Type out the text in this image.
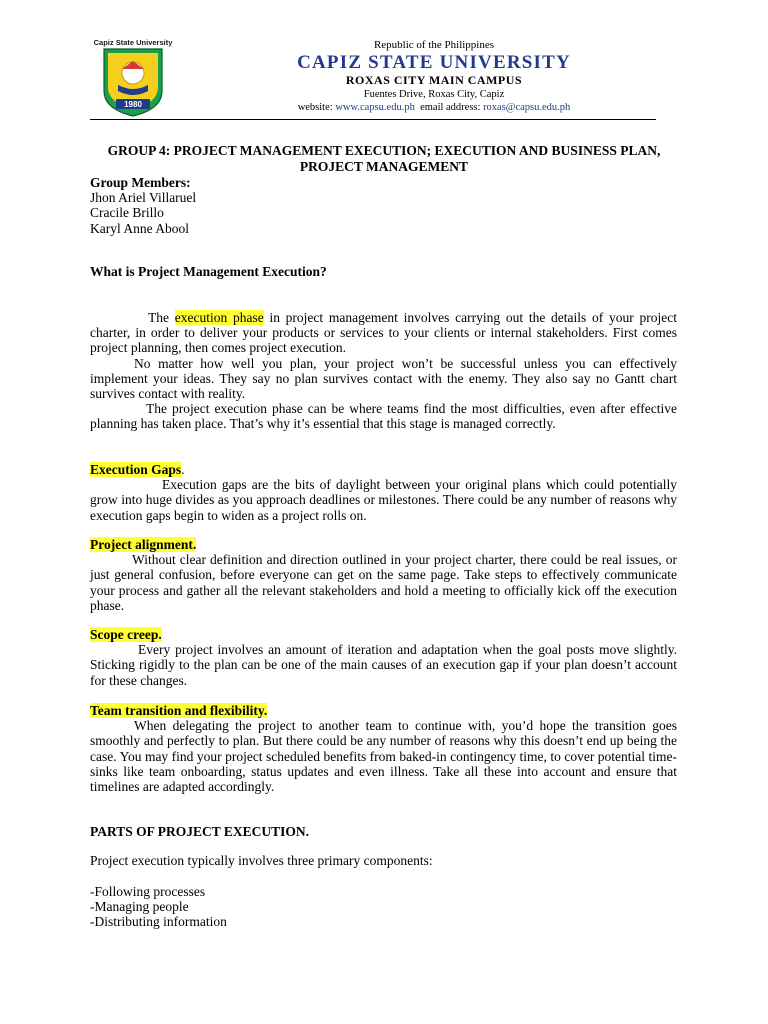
Capiz State University
1980
Republic of the Philippines
CAPIZ STATE UNIVERSITY
ROXAS CITY MAIN CAMPUS
Fuentes Drive, Roxas City, Capiz
website: www.capsu.edu.ph  email address: roxas@capsu.edu.ph
GROUP 4: PROJECT MANAGEMENT EXECUTION; EXECUTION AND BUSINESS PLAN, PROJECT MANAGEMENT
Group Members:
Jhon Ariel Villaruel
Cracile Brillo
Karyl Anne Abool
What is Project Management Execution?

The execution phase in project management involves carrying out the details of your project charter, in order to deliver your products or services to your clients or internal stakeholders. First comes project planning, then comes project execution.

No matter how well you plan, your project won’t be successful unless you can effectively implement your ideas. They say no plan survives contact with the enemy. They also say no Gantt chart survives contact with reality.

The project execution phase can be where teams find the most difficulties, even after effective planning has taken place. That’s why it’s essential that this stage is managed correctly.

Execution Gaps.

Execution gaps are the bits of daylight between your original plans which could potentially grow into huge divides as you approach deadlines or milestones. There could be any number of reasons why execution gaps begin to widen as a project rolls on.

Project alignment.

Without clear definition and direction outlined in your project charter, there could be real issues, or just general confusion, before everyone can get on the same page. Take steps to effectively communicate your process and gather all the relevant stakeholders and hold a meeting to officially kick off the execution phase.

Scope creep.

Every project involves an amount of iteration and adaptation when the goal posts move slightly. Sticking rigidly to the plan can be one of the main causes of an execution gap if your plan doesn’t account for these changes.

Team transition and flexibility.

When delegating the project to another team to continue with, you’d hope the transition goes smoothly and perfectly to plan. But there could be any number of reasons why this doesn’t end up being the case. You may find your project scheduled benefits from baked-in contingency time, to cover potential time-sinks like team onboarding, status updates and even illness. Take all these into account and ensure that timelines are adapted accordingly.

PARTS OF PROJECT EXECUTION.
Project execution typically involves three primary components:
-Following processes
-Managing people
-Distributing information
